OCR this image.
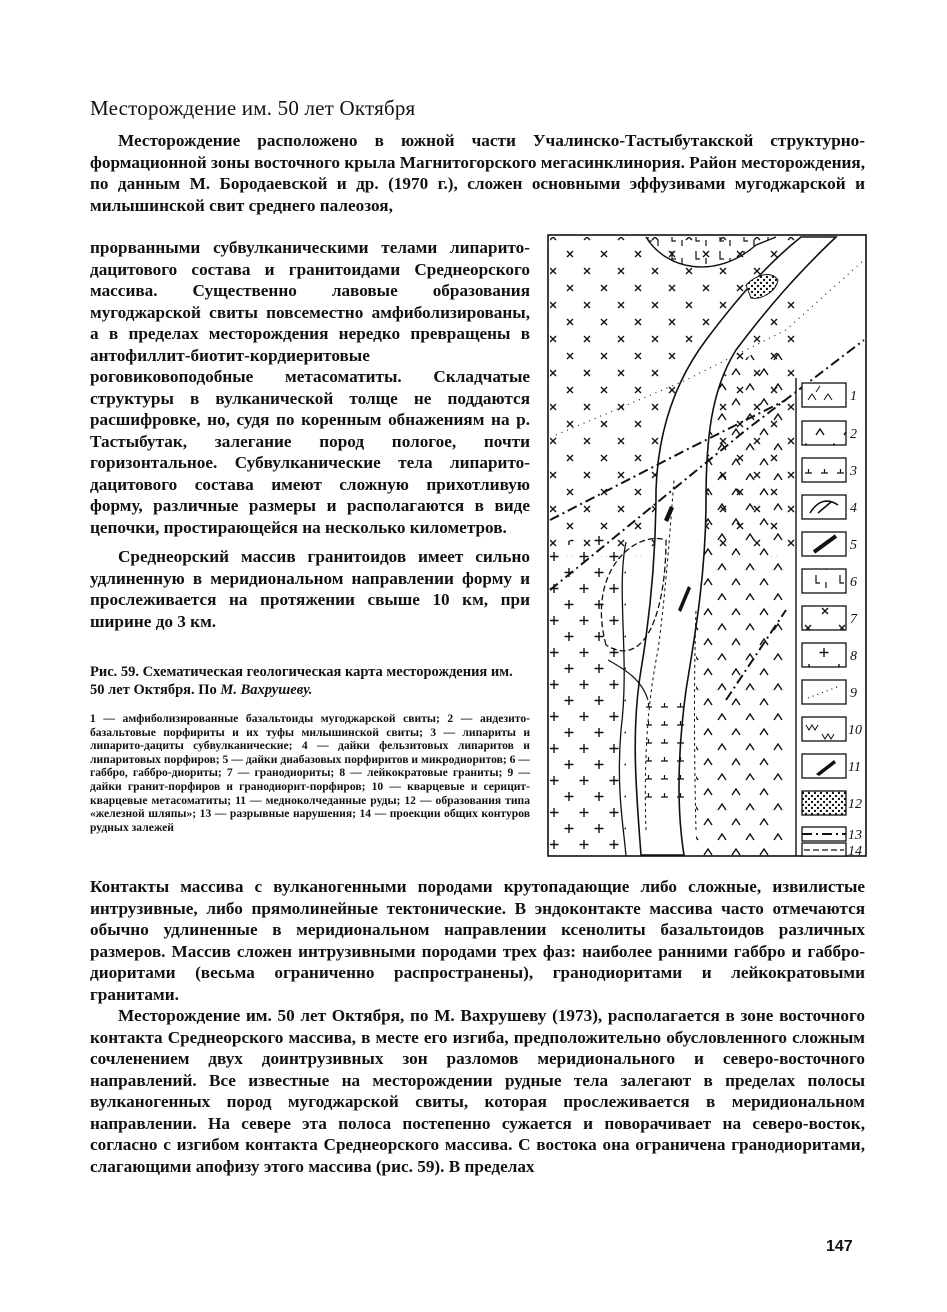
Месторождение им. 50 лет Октября

Месторождение расположено в южной части Учалинско-Тастыбутакской структурно-формационной зоны восточного крыла Магнитогорского мегасинклинория. Район месторождения, по данным М. Бородаевской и др. (1970 г.), сложен основными эффузивами мугоджарской и милышинской свит среднего палеозоя,

прорванными субвулканическими телами липарито-дацитового состава и гранитоидами Среднеорского массива. Существенно лавовые образования мугоджарской свиты повсеместно амфиболизированы, а в пределах месторождения нередко превращены в антофиллит-биотит-кордиеритовые роговиковоподобные метасоматиты. Складчатые структуры в вулканической толще не поддаются расшифровке, но, судя по коренным обнажениям на р. Тастыбутак, залегание пород пологое, почти горизонтальное. Субвулканические тела липарито-дацитового состава имеют сложную прихотливую форму, различные размеры и располагаются в виде цепочки, простирающейся на несколько километров.
Среднеорский массив гранитоидов имеет сильно удлиненную в меридиональном направлении форму и прослеживается на протяжении свыше 10 км, при ширине до 3 км.

Рис. 59. Схематическая геологическая карта месторождения им. 50 лет Октября. По М. Вахрушеву.

1 — амфиболизированные базальтоиды мугоджарской свиты; 2 — андезито-базальтовые порфириты и их туфы милышинской свиты; 3 — липариты и липарито-дациты субвулканические; 4 — дайки фельзитовых липаритов и липаритовых порфиров; 5 — дайки диабазовых порфиритов и микродиоритов; 6 — габбро, габбро-диориты; 7 — гранодиориты; 8 — лейкократовые граниты; 9 — дайки гранит-порфиров и гранодиорит-порфиров; 10 — кварцевые и серицит-кварцевые метасоматиты; 11 — медноколчеданные руды; 12 — образования типа «железной шляпы»; 13 — разрывные нарушения; 14 — проекции общих контуров рудных залежей

1
2
3
4
5
6
7
8
9
10
11
12
13
14

Контакты массива с вулканогенными породами крутопадающие либо сложные, извилистые интрузивные, либо прямолинейные тектонические. В эндоконтакте массива часто отмечаются обычно удлиненные в меридиональном направлении ксенолиты базальтоидов различных размеров. Массив сложен интрузивными породами трех фаз: наиболее ранними габбро и габбро-диоритами (весьма ограниченно распространены), гранодиоритами и лейкократовыми гранитами.
Месторождение им. 50 лет Октября, по М. Вахрушеву (1973), располагается в зоне восточного контакта Среднеорского массива, в месте его изгиба, предположительно обусловленного сложным сочленением двух доинтрузивных зон разломов меридионального и северо-восточного направлений. Все известные на месторождении рудные тела залегают в пределах полосы вулканогенных пород мугоджарской свиты, которая прослеживается в меридиональном направлении. На севере эта полоса постепенно сужается и поворачивает на северо-восток, согласно с изгибом контакта Среднеорского массива. С востока она ограничена гранодиоритами, слагающими апофизу этого массива (рис. 59). В пределах

147
